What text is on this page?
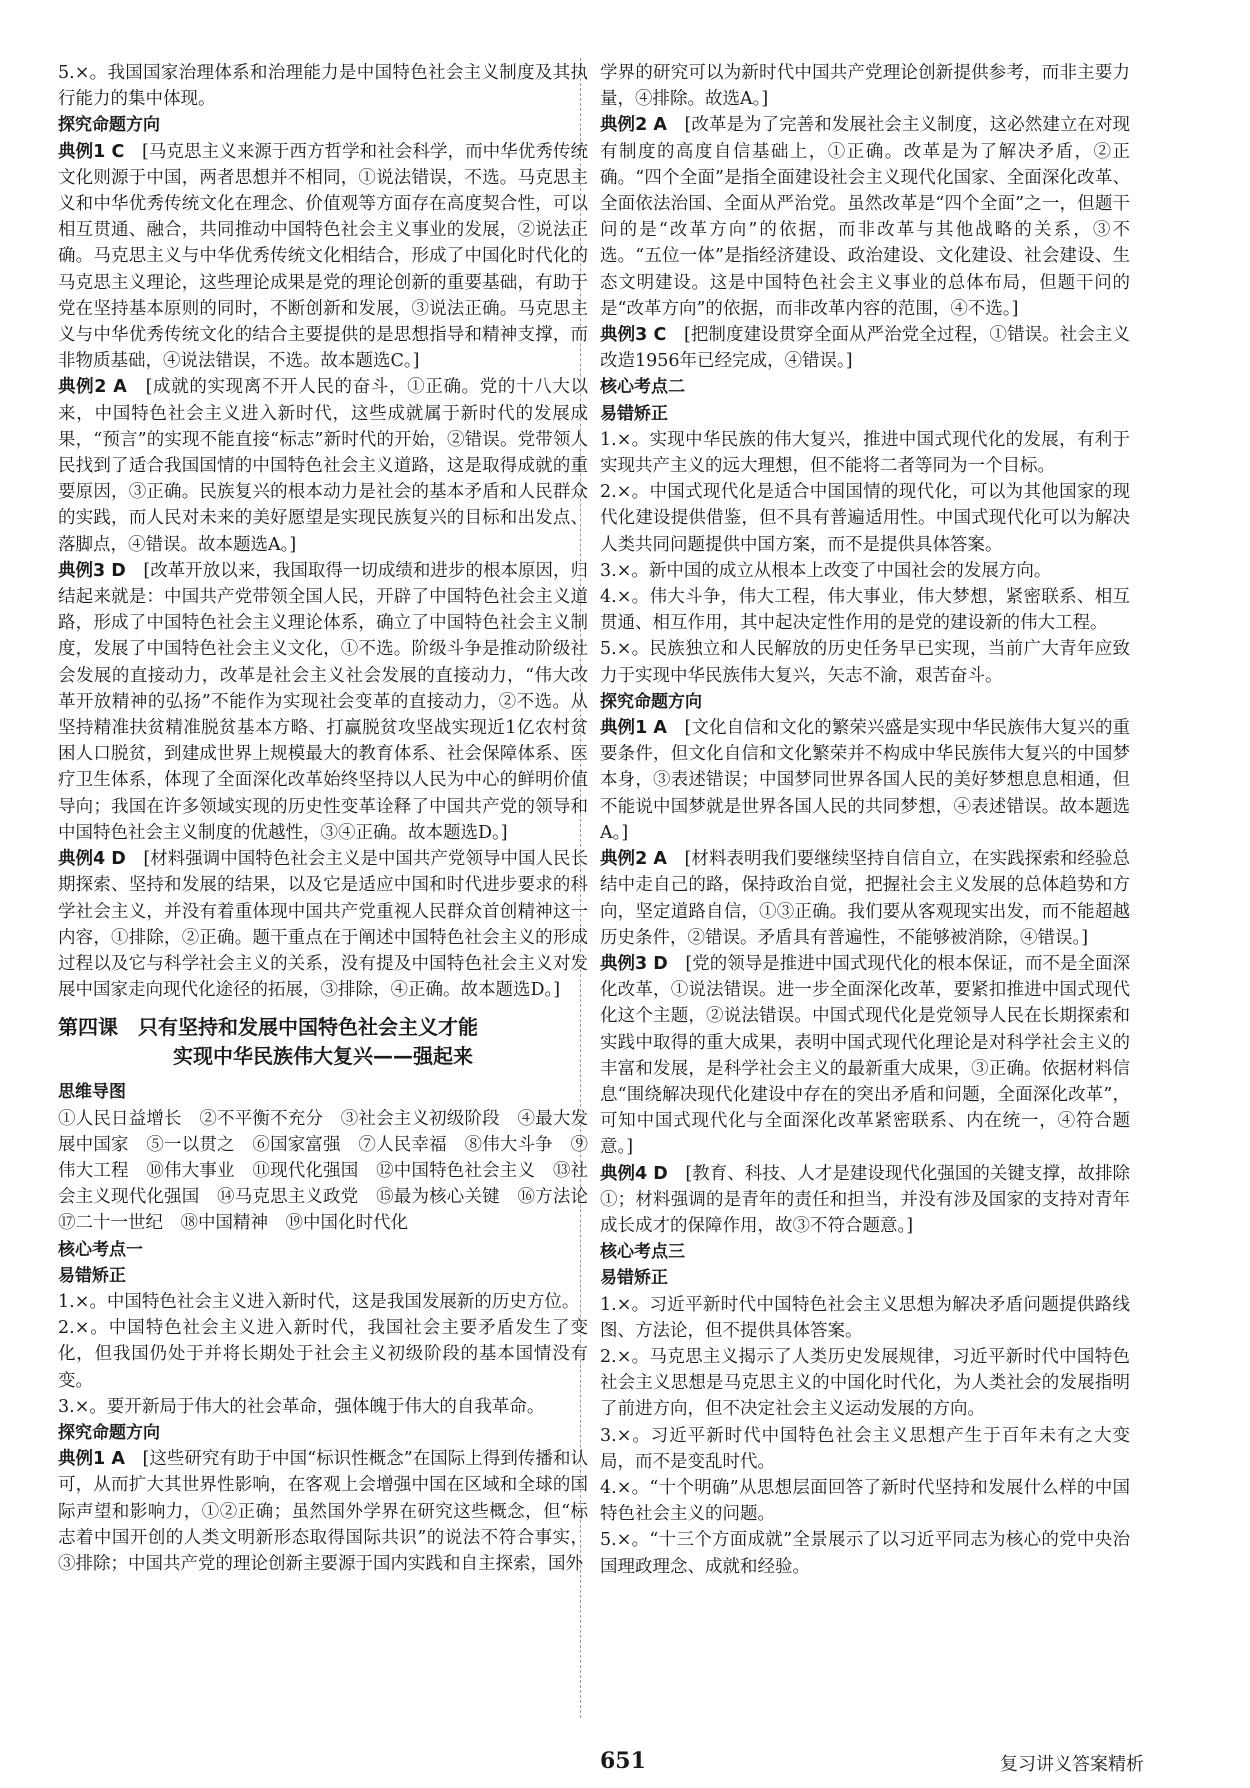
5.×。我国国家治理体系和治理能力是中国特色社会主义制度及其执行能力的集中体现。

探究命题方向

典例1 C　 [马克思主义来源于西方哲学和社会科学，而中华优秀传统文化则源于中国，两者思想并不相同，①说法错误，不选。马克思主义和中华优秀传统文化在理念、价值观等方面存在高度契合性，可以相互贯通、融合，共同推动中国特色社会主义事业的发展，②说法正确。马克思主义与中华优秀传统文化相结合，形成了中国化时代化的马克思主义理论，这些理论成果是党的理论创新的重要基础，有助于党在坚持基本原则的同时，不断创新和发展，③说法正确。马克思主义与中华优秀传统文化的结合主要提供的是思想指导和精神支撑，而非物质基础，④说法错误，不选。故本题选C。]

典例2 A　 [成就的实现离不开人民的奋斗，①正确。党的十八大以来，中国特色社会主义进入新时代，这些成就属于新时代的发展成果，“预言”的实现不能直接“标志”新时代的开始，②错误。党带领人民找到了适合我国国情的中国特色社会主义道路，这是取得成就的重要原因，③正确。民族复兴的根本动力是社会的基本矛盾和人民群众的实践，而人民对未来的美好愿望是实现民族复兴的目标和出发点、落脚点，④错误。故本题选A。]

典例3 D　 [改革开放以来，我国取得一切成绩和进步的根本原因，归结起来就是：中国共产党带领全国人民，开辟了中国特色社会主义道路，形成了中国特色社会主义理论体系，确立了中国特色社会主义制度，发展了中国特色社会主义文化，①不选。阶级斗争是推动阶级社会发展的直接动力，改革是社会主义社会发展的直接动力，“伟大改革开放精神的弘扬”不能作为实现社会变革的直接动力，②不选。从坚持精准扶贫精准脱贫基本方略、打赢脱贫攻坚战实现近1亿农村贫困人口脱贫，到建成世界上规模最大的教育体系、社会保障体系、医疗卫生体系，体现了全面深化改革始终坚持以人民为中心的鲜明价值导向；我国在许多领域实现的历史性变革诠释了中国共产党的领导和中国特色社会主义制度的优越性，③④正确。故本题选D。]

典例4 D　 [材料强调中国特色社会主义是中国共产党领导中国人民长期探索、坚持和发展的结果，以及它是适应中国和时代进步要求的科学社会主义，并没有着重体现中国共产党重视人民群众首创精神这一内容，①排除，②正确。题干重点在于阐述中国特色社会主义的形成过程以及它与科学社会主义的关系，没有提及中国特色社会主义对发展中国家走向现代化途径的拓展，③排除，④正确。故本题选D。]

第四课　只有坚持和发展中国特色社会主义才能
实现中华民族伟大复兴——强起来

思维导图

①人民日益增长　②不平衡不充分　③社会主义初级阶段　④最大发展中国家　⑤一以贯之　⑥国家富强　⑦人民幸福　⑧伟大斗争　⑨伟大工程　⑩伟大事业　⑪现代化强国　⑫中国特色社会主义　⑬社会主义现代化强国　⑭马克思主义政党　⑮最为核心关键　⑯方法论　⑰二十一世纪　⑱中国精神　⑲中国化时代化

核心考点一

易错矫正

1.×。中国特色社会主义进入新时代，这是我国发展新的历史方位。

2.×。中国特色社会主义进入新时代，我国社会主要矛盾发生了变化，但我国仍处于并将长期处于社会主义初级阶段的基本国情没有变。

3.×。要开新局于伟大的社会革命，强体魄于伟大的自我革命。

探究命题方向

典例1 A　 [这些研究有助于中国“标识性概念”在国际上得到传播和认可，从而扩大其世界性影响，在客观上会增强中国在区域和全球的国际声望和影响力，①②正确；虽然国外学界在研究这些概念，但“标志着中国开创的人类文明新形态取得国际共识”的说法不符合事实，③排除；中国共产党的理论创新主要源于国内实践和自主探索，国外

学界的研究可以为新时代中国共产党理论创新提供参考，而非主要力量，④排除。故选A。]

典例2 A　 [改革是为了完善和发展社会主义制度，这必然建立在对现有制度的高度自信基础上，①正确。改革是为了解决矛盾，②正确。“四个全面”是指全面建设社会主义现代化国家、全面深化改革、全面依法治国、全面从严治党。虽然改革是“四个全面”之一，但题干问的是“改革方向”的依据，而非改革与其他战略的关系，③不选。“五位一体”是指经济建设、政治建设、文化建设、社会建设、生态文明建设。这是中国特色社会主义事业的总体布局，但题干问的是“改革方向”的依据，而非改革内容的范围，④不选。]

典例3 C　 [把制度建设贯穿全面从严治党全过程，①错误。社会主义改造1956年已经完成，④错误。]

核心考点二

易错矫正

1.×。实现中华民族的伟大复兴，推进中国式现代化的发展，有利于实现共产主义的远大理想，但不能将二者等同为一个目标。

2.×。中国式现代化是适合中国国情的现代化，可以为其他国家的现代化建设提供借鉴，但不具有普遍适用性。中国式现代化可以为解决人类共同问题提供中国方案，而不是提供具体答案。

3.×。新中国的成立从根本上改变了中国社会的发展方向。

4.×。伟大斗争，伟大工程，伟大事业，伟大梦想，紧密联系、相互贯通、相互作用，其中起决定性作用的是党的建设新的伟大工程。

5.×。民族独立和人民解放的历史任务早已实现，当前广大青年应致力于实现中华民族伟大复兴，矢志不渝，艰苦奋斗。

探究命题方向

典例1 A　 [文化自信和文化的繁荣兴盛是实现中华民族伟大复兴的重要条件，但文化自信和文化繁荣并不构成中华民族伟大复兴的中国梦本身，③表述错误；中国梦同世界各国人民的美好梦想息息相通，但不能说中国梦就是世界各国人民的共同梦想，④表述错误。故本题选A。]

典例2 A　 [材料表明我们要继续坚持自信自立，在实践探索和经验总结中走自己的路，保持政治自觉，把握社会主义发展的总体趋势和方向，坚定道路自信，①③正确。我们要从客观现实出发，而不能超越历史条件，②错误。矛盾具有普遍性，不能够被消除，④错误。]

典例3 D　 [党的领导是推进中国式现代化的根本保证，而不是全面深化改革，①说法错误。进一步全面深化改革，要紧扣推进中国式现代化这个主题，②说法错误。中国式现代化是党领导人民在长期探索和实践中取得的重大成果，表明中国式现代化理论是对科学社会主义的丰富和发展，是科学社会主义的最新重大成果，③正确。依据材料信息“围绕解决现代化建设中存在的突出矛盾和问题，全面深化改革”，可知中国式现代化与全面深化改革紧密联系、内在统一，④符合题意。]

典例4 D　 [教育、科技、人才是建设现代化强国的关键支撑，故排除①；材料强调的是青年的责任和担当，并没有涉及国家的支持对青年成长成才的保障作用，故③不符合题意。]

核心考点三

易错矫正

1.×。习近平新时代中国特色社会主义思想为解决矛盾问题提供路线图、方法论，但不提供具体答案。

2.×。马克思主义揭示了人类历史发展规律，习近平新时代中国特色社会主义思想是马克思主义的中国化时代化，为人类社会的发展指明了前进方向，但不决定社会主义运动发展的方向。

3.×。习近平新时代中国特色社会主义思想产生于百年未有之大变局，而不是变乱时代。

4.×。“十个明确”从思想层面回答了新时代坚持和发展什么样的中国特色社会主义的问题。

5.×。“十三个方面成就”全景展示了以习近平同志为核心的党中央治国理政理念、成就和经验。

651	复习讲义答案精析
